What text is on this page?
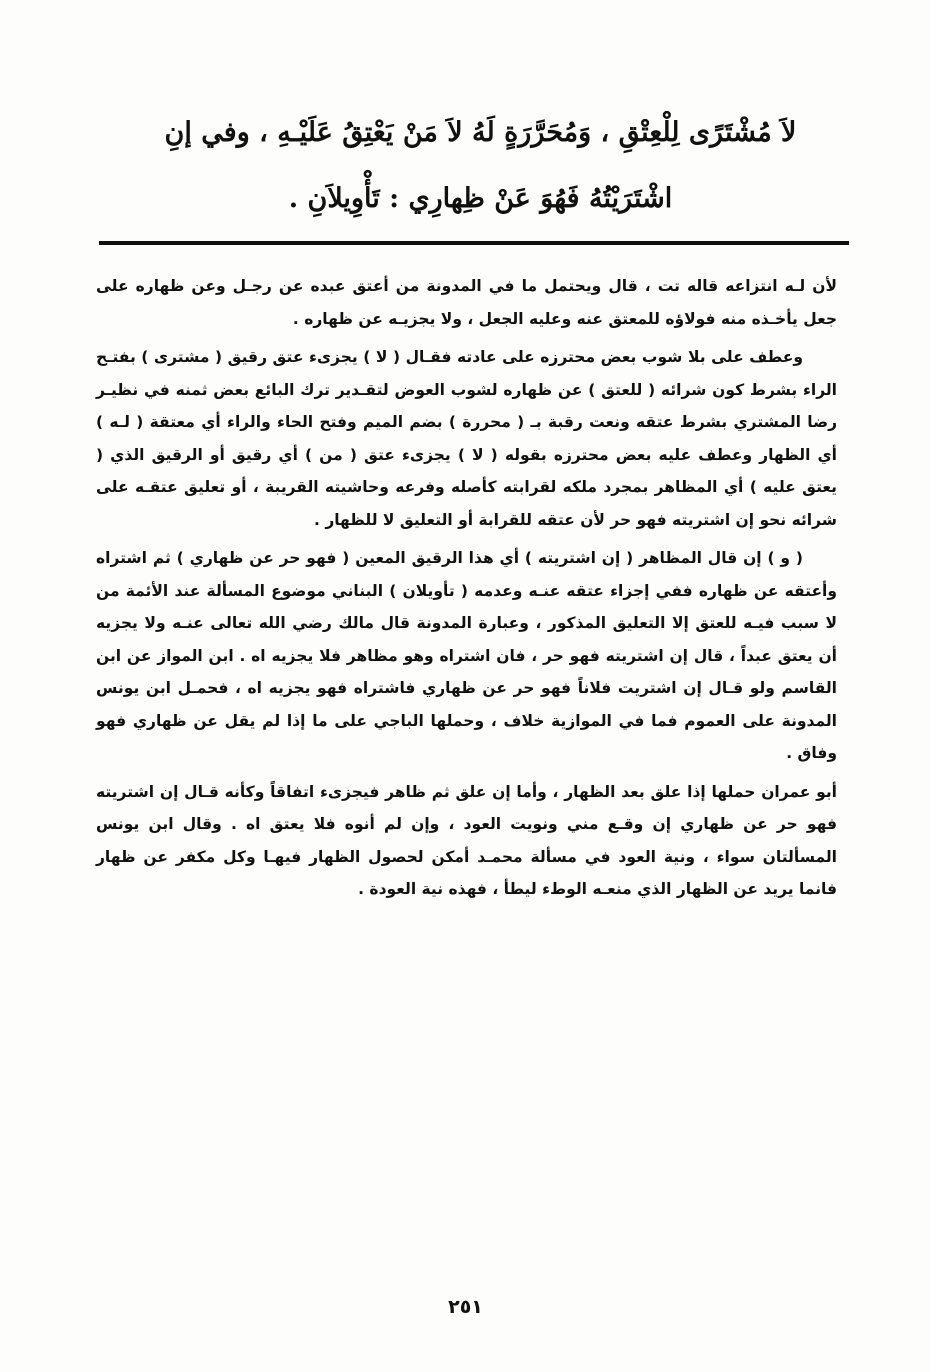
لاَ مُشْتَرًى لِلْعِتْقِ ، وَمُحَرَّرَةٍ لَهُ لاَ مَنْ يَعْتِقُ عَلَيْـهِ ، وفي إنِ

اشْتَرَيْتُهُ فَهُوَ عَنْ ظِهارِي : تَأْوِيلاَنِ .

لأن لـه انتزاعه قاله تت ، قال ويحتمل ما في المدونة من أعتق عبده عن رجـل وعن ظهاره على جعل يأخـذه منه فولاؤه للمعتق عنه وعليه الجعل ، ولا يجزيـه عن ظهاره .

وعطف على بلا شوب بعض محترزه على عادته فقـال ( لا ) يجزىء عتق رقيق ( مشترى ) بفتـح الراء بشرط كون شرائه ( للعتق ) عن ظهاره لشوب العوض لتقـدير ترك البائع بعض ثمنه في نظيـر رضا المشتري بشرط عتقه ونعت رقبة بـ ( محررة ) بضم الميم وفتح الحاء والراء أي معتقة ( لـه ) أي الظهار وعطف عليه بعض محترزه بقوله ( لا ) يجزىء عتق ( من ) أي رقيق أو الرقيق الذي ( يعتق عليه ) أي المظاهر بمجرد ملكه لقرابته كأصله وفرعه وحاشيته القريبة ، أو تعليق عتقـه على شرائه نحو إن اشتريته فهو حر لأن عتقه للقرابة أو التعليق لا للظهار .

( و ) إن قال المظاهر ( إن اشتريته ) أي هذا الرقيق المعين ( فهو حر عن ظهاري ) ثم اشتراه وأعتقه عن ظهاره ففي إجزاء عتقه عنـه وعدمه ( تأويلان ) البناني موضوع المسألة عند الأئمة من لا سبب فيـه للعتق إلا التعليق المذكور ، وعبارة المدونة قال مالك رضي الله تعالى عنـه ولا يجزيه أن يعتق عبداً ، قال إن اشتريته فهو حر ، فان اشتراه وهو مظاهر فلا يجزيه اه . ابن المواز عن ابن القاسم ولو قـال إن اشتريت فلاناً فهو حر عن ظهاري فاشتراه فهو يجزيه اه ، فحمـل ابن يونس المدونة على العموم فما في الموازية خلاف ، وحملها الباجي على ما إذا لم يقل عن ظهاري فهو وفاق .

أبو عمران حملها إذا علق بعد الظهار ، وأما إن علق ثم ظاهر فيجزىء اتفاقاً وكأنه قـال إن اشتريته فهو حر عن ظهاري إن وقـع مني ونويت العود ، وإن لم أنوه فلا يعتق اه . وقال ابن يونس المسألتان سواء ، ونية العود في مسألة محمـد أمكن لحصول الظهار فيهـا وكل مكفر عن ظهار فانما يريد عن الظهار الذي منعـه الوطء ليطأ ، فهذه نية العودة .

٢٥١
